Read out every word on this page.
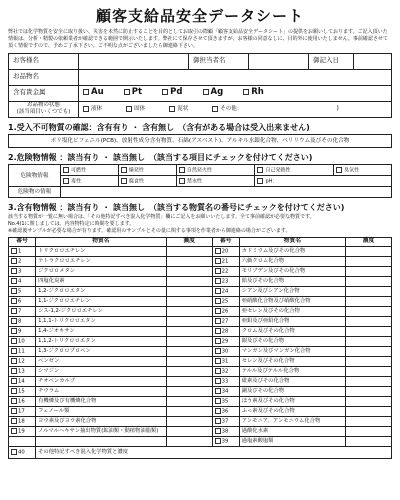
顧客支給品安全データシート
弊社では化学物質を安全に取り扱い、災害を未然に防止することを目的としてお取引の際顧「顧客支給品安全データシート」の提供をお願いしております。ご記入頂いた情報は、分析・精製の依頼業者が確認できる範囲で開示いたします。弊社にて保存させて頂きますが、お客様の同意なしに、目的外に使用いたしません。事前確認させて頂く情報ですので、予めご了承下さい。ご不明な点がございましたら御連絡下さい。
お客様名		御担当者名		御記入日	
お品物名					
含有貴金属	Au Pt Pd Ag Rh				

お品物の状態
(該当項目いくつでも)	液体 固体 泥状 その他： )				
1.受入不可物質の確認：含有有り ・ 含有無し　（含有がある場合は受入出来ません)
ポリ塩化ビフェニル(PCB)、放射性成分含有物質、石綿(アスベスト)、アルキル水銀化合物、ベリリウム及びその化合物
2.危険物情報 ：該当有り ・ 該当無し　（該当する項目にチェックを付けてください)
危険物情報	可燃性	爆発性	自然発火性	自己発熱性	臭気性
	毒性	腐食性	禁水性	pH：	
危険物の情報					
3.含有物情報 ：該当有り ・ 該当無し　（該当する物質名の番号にチェックを付けてください)
該当する物質が一覧に無い場合は、「その他特記すべき混入化学物質」欄にご記入をお願いいたします。全て事前確認が必要な物質です。
No.4(1に関しましては、内容物特定に時間を要します。
※確認後サンプルが必要な場合が有ります。確認用のサンプルとその量に関する事項を作業者から御連絡の場合がございます。
番号	物質名	濃度	番号	物質名	濃度
1	トリクロロエチレン		20	カドミウム及びその化合物	
2	テトラクロロエチレン		21	六価クロム化合物	
3	ジクロロメタン		22	モリブデン及びその化合物	
4	四塩化炭素		23	鉛及びその化合物	
5	1,2-ジクロロエタン		24	シアン及びシアン化合物	
6	1,1-ジクロロエチレン		25	亜硝酸化合物及び硝酸化合物	
7	シス-1,2-ジクロロエチレン		26	亜セレン及びその化合物	
8	1,1,1-トリクロロエタン		27	亜鉛及び亜鉛化合物	
9	1,4-ジオキサン		28	クロム及びその化合物	
10	1,1,2-トリクロロエタン		29	銀及びその化合物	
11	1,3-ジクロロプロペン		30	マンガン及びマンガン化合物	
12	ベンゼン		31	セレン及びその化合物	
13	シマジン		32	テルル及びテルル化合物	
14	チオベンカルブ		33	砒素及びその化合物	
15	チウラム		34	銅及びその化合物	
16	有機燐及び有機燐化合物		35	ほう素及びその化合物	
17	フェノール類		36	ふっ素及びその化合物	
18	ヨウ素及びヨウ素化合物		37	アンモニア、アンモニウム化合物	
19	ノルマルヘキサン抽出物質(鉱油類・動植物油脂類)		38	過酸化水素	
			39	過塩素酸塩類	
40	その他特記すべき混入化学物質と濃度				
